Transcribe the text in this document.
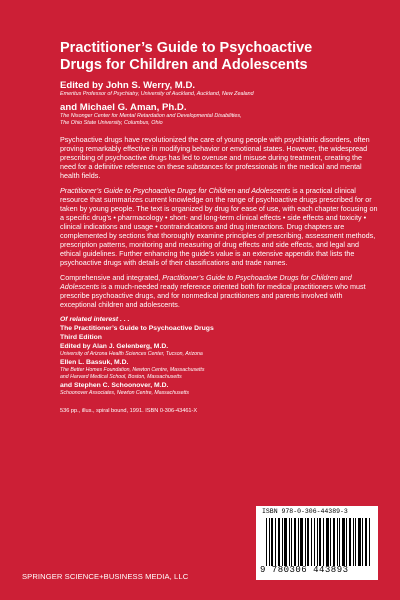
Practitioner’s Guide to Psychoactive
Drugs for Children and Adolescents

Edited by John S. Werry, M.D.

Emeritus Professor of Psychiatry, University of Auckland, Auckland, New Zealand

and Michael G. Aman, Ph.D.

The Nisonger Center for Mental Retardation and Developmental Disabilities,

The Ohio State University, Columbus, Ohio

Psychoactive drugs have revolutionized the care of young people with psychiatric disorders, often proving remarkably effective in modifying behavior or emotional states. However, the widespread prescribing of psychoactive drugs has led to overuse and misuse during treatment, creating the need for a definitive reference on these substances for professionals in the medical and mental health fields.

Practitioner’s Guide to Psychoactive Drugs for Children and Adolescents is a practical clinical resource that summarizes current knowledge on the range of psychoactive drugs prescribed for or taken by young people. The text is organized by drug for ease of use, with each chapter focusing on a specific drug’s • pharmacology • short- and long-term clinical effects • side effects and toxicity • clinical indications and usage • contraindications and drug interactions. Drug chapters are complemented by sections that thoroughly examine principles of prescribing, assessment methods, prescription patterns, monitoring and measuring of drug effects and side effects, and legal and ethical guidelines. Further enhancing the guide’s value is an extensive appendix that lists the psychoactive drugs with details of their classifications and trade names.

Comprehensive and integrated, Practitioner’s Guide to Psychoactive Drugs for Children and Adolescents is a much-needed ready reference oriented both for medical practitioners who must prescribe psychoactive drugs, and for nonmedical practitioners and parents involved with exceptional children and adolescents.

Of related interest . . .

The Practitioner’s Guide to Psychoactive Drugs

Third Edition

Edited by Alan J. Gelenberg, M.D.

University of Arizona Health Sciences Center, Tucson, Arizona

Ellen L. Bassuk, M.D.

The Better Homes Foundation, Newton Centre, Massachusetts

and Harvard Medical School, Boston, Massachusetts

and Stephen C. Schoonover, M.D.

Schoonover Associates, Newton Centre, Massachusetts

536 pp., illus., spiral bound, 1991. ISBN 0-306-43461-X

ISBN 978-0-306-44389-3
9 780306 443893
SPRINGER SCIENCE+BUSINESS MEDIA, LLC
